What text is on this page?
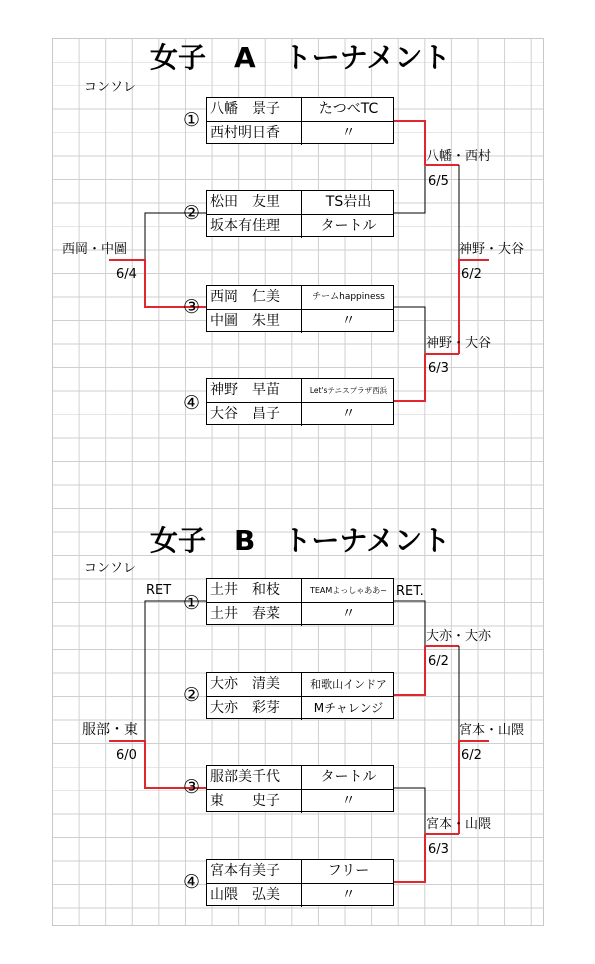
女子　A　トーナメント
コンソレ
①
②
③
④
八幡　景子	たつべTC
西村明日香	〃
松田　友里	TS岩出
坂本有佳理	タートル
西岡　仁美	チームhappiness
中圖　朱里	〃
神野　早苗	Let'sテニスプラザ西浜
大谷　昌子	〃
西岡・中圖
6/4
八幡・西村
6/5
神野・大谷
6/2
神野・大谷
6/3
女子　B　トーナメント
コンソレ
RET	RET.
①
②
③
④
土井　和枝	TEAMよっしゃああ~
土井　春菜	〃
大亦　清美	和歌山インドア
大亦　彩芽	Mチャレンジ
服部美千代	タートル
東　　史子	〃
宮本有美子	フリー
山隈　弘美	〃
服部・東
6/0
大亦・大亦
6/2
宮本・山隈
6/2
宮本・山隈
6/3
